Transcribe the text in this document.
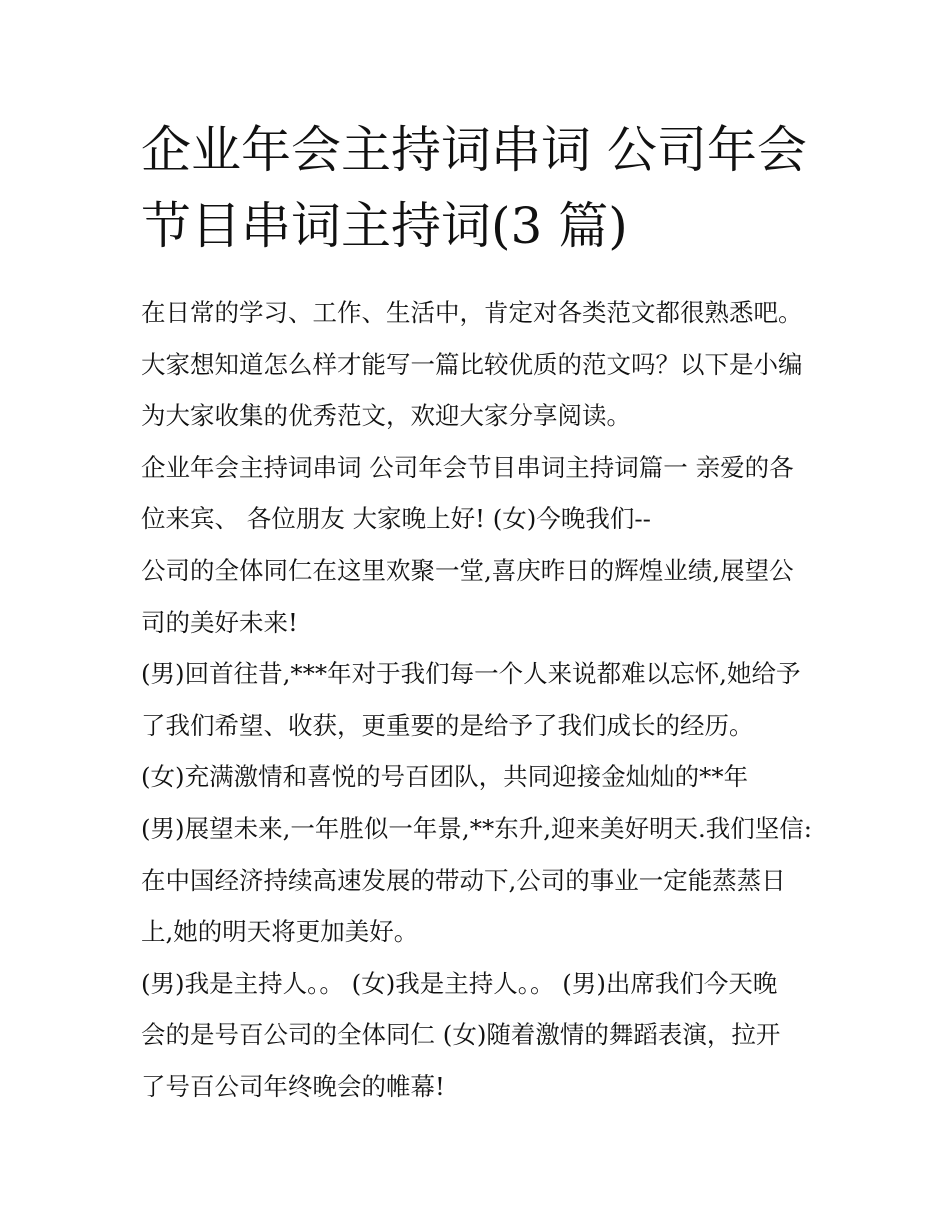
企业年会主持词串词 公司年会
节目串词主持词(3 篇)
在日常的学习、工作、生活中，肯定对各类范文都很熟悉吧。
大家想知道怎么样才能写一篇比较优质的范文吗？以下是小编
为大家收集的优秀范文，欢迎大家分享阅读。
企业年会主持词串词 公司年会节目串词主持词篇一 亲爱的各
位来宾、 各位朋友 大家晚上好! (女)今晚我们--
公司的全体同仁在这里欢聚一堂,喜庆昨日的辉煌业绩,展望公
司的美好未来!
(男)回首往昔,***年对于我们每一个人来说都难以忘怀,她给予
了我们希望、收获，更重要的是给予了我们成长的经历。
(女)充满激情和喜悦的号百团队，共同迎接金灿灿的**年
(男)展望未来,一年胜似一年景,**东升,迎来美好明天.我们坚信:
在中国经济持续高速发展的带动下,公司的事业一定能蒸蒸日
上,她的明天将更加美好。
(男)我是主持人。。 (女)我是主持人。。 (男)出席我们今天晚
会的是号百公司的全体同仁 (女)随着激情的舞蹈表演，拉开
了号百公司年终晚会的帷幕!
